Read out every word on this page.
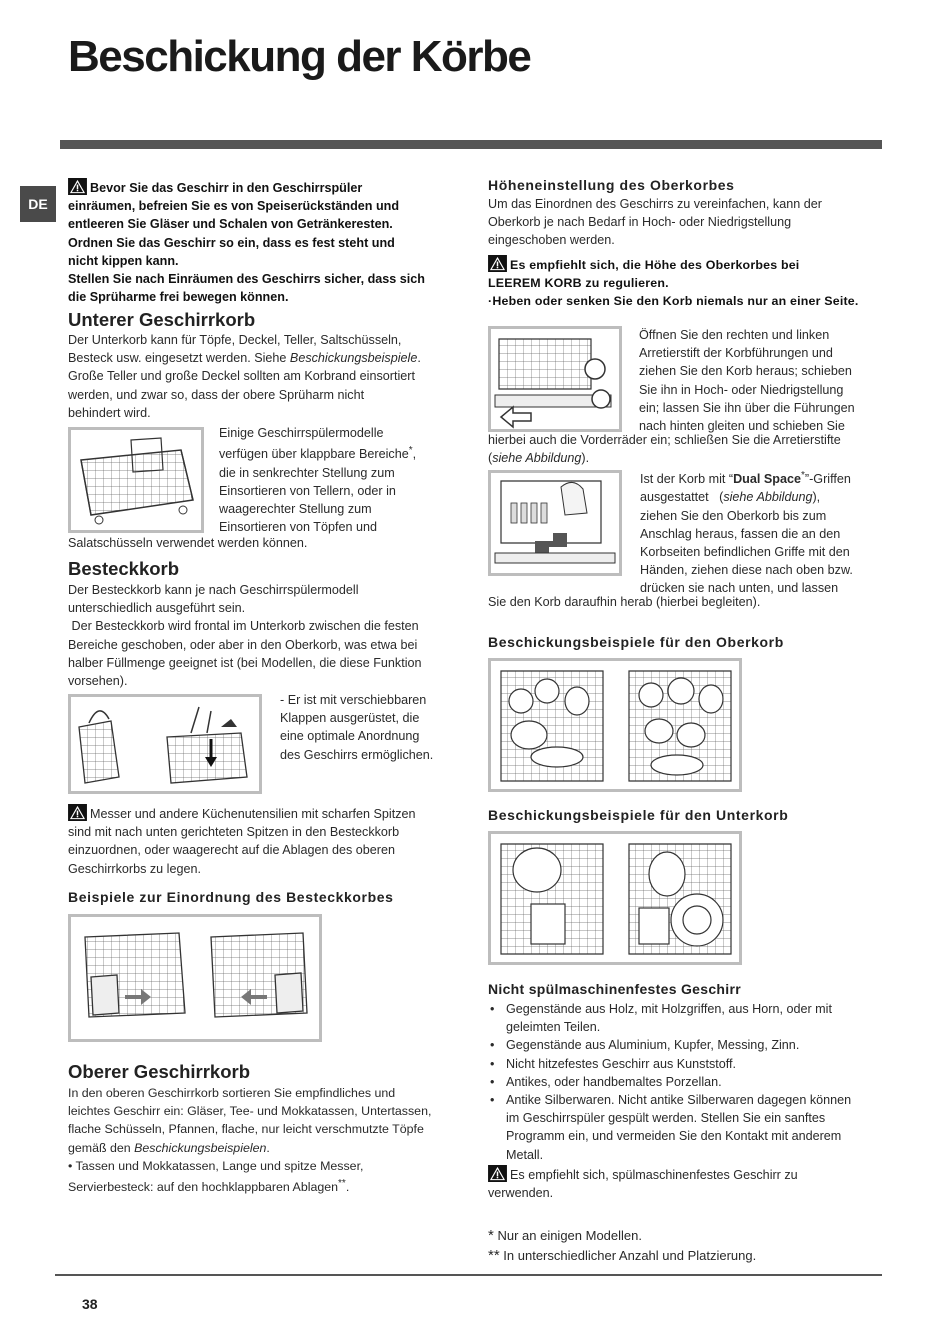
Beschickung der Körbe
DE
Bevor Sie das Geschirr in den Geschirrspüler
einräumen, befreien Sie es von Speiserückständen und
entleeren Sie Gläser und Schalen von Getränkeresten.
Ordnen Sie das Geschirr so ein, dass es fest steht und
nicht kippen kann.
Stellen Sie nach Einräumen des Geschirrs sicher, dass sich
die Sprüharme frei bewegen können.
Unterer Geschirrkorb
Der Unterkorb kann für Töpfe, Deckel, Teller, Saltschüsseln,
Besteck usw. eingesetzt werden. Siehe Beschickungsbeispiele.
Große Teller und große Deckel sollten am Korbrand einsortiert
werden, und zwar so, dass der obere Sprüharm nicht
behindert wird.
Einige Geschirrspülermodelle
verfügen über klappbare Bereiche*,
die in senkrechter Stellung zum
Einsortieren von Tellern, oder in
waagerechter Stellung zum
Einsortieren von Töpfen und
Salatschüsseln verwendet werden können.
Besteckkorb
Der Besteckkorb kann je nach Geschirrspülermodell
unterschiedlich ausgeführt sein.
Der Besteckkorb wird frontal im Unterkorb zwischen die festen
Bereiche geschoben, oder aber in den Oberkorb, was etwa bei
halber Füllmenge geeignet ist (bei Modellen, die diese Funktion
vorsehen).
- Er ist mit verschiebbaren
Klappen ausgerüstet, die
eine optimale Anordnung
des Geschirrs ermöglichen.
Messer und andere Küchenutensilien mit scharfen Spitzen
sind mit nach unten gerichteten Spitzen in den Besteckkorb
einzuordnen, oder waagerecht auf die Ablagen des oberen
Geschirrkorbs zu legen.
Beispiele zur Einordnung des Besteckkorbes
Oberer Geschirrkorb
In den oberen Geschirrkorb sortieren Sie empfindliches und
leichtes Geschirr ein: Gläser, Tee- und Mokkatassen, Untertassen,
flache Schüsseln, Pfannen, flache, nur leicht verschmutzte Töpfe
gemäß den Beschickungsbeispielen.
• Tassen und Mokkatassen, Lange und spitze Messer,
Servierbesteck: auf den hochklappbaren Ablagen**.
Höheneinstellung des Oberkorbes
Um das Einordnen des Geschirrs zu vereinfachen, kann der
Oberkorb je nach Bedarf in Hoch- oder Niedrigstellung
eingeschoben werden.
Es empfiehlt sich, die Höhe des Oberkorbes bei
LEEREM KORB zu regulieren.
·Heben oder senken Sie den Korb niemals nur an einer Seite.
Öffnen Sie den rechten und linken
Arretierstift der Korbführungen und
ziehen Sie den Korb heraus; schieben
Sie ihn in Hoch- oder Niedrigstellung
ein; lassen Sie ihn über die Führungen
nach hinten gleiten und schieben Sie
hierbei auch die Vorderräder ein; schließen Sie die Arretierstifte
(siehe Abbildung).
Ist der Korb mit “Dual Space*”-Griffen
ausgestattet   (siehe Abbildung),
ziehen Sie den Oberkorb bis zum
Anschlag heraus, fassen die an den
Korbseiten befindlichen Griffe mit den
Händen, ziehen diese nach oben bzw.
drücken sie nach unten, und lassen
Sie den Korb daraufhin herab (hierbei begleiten).
Beschickungsbeispiele für den Oberkorb
Beschickungsbeispiele für den Unterkorb
Nicht spülmaschinenfestes Geschirr
• Gegenstände aus Holz, mit Holzgriffen, aus Horn, oder mit
geleimten Teilen.
• Gegenstände aus Aluminium, Kupfer, Messing, Zinn.
• Nicht hitzefestes Geschirr aus Kunststoff.
• Antikes, oder handbemaltes Porzellan.
• Antike Silberwaren. Nicht antike Silberwaren dagegen können
im Geschirrspüler gespült werden. Stellen Sie ein sanftes
Programm ein, und vermeiden Sie den Kontakt mit anderem
Metall.
Es empfiehlt sich, spülmaschinenfestes Geschirr zu
verwenden.
* Nur an einigen Modellen.
** In unterschiedlicher Anzahl und Platzierung.
38
